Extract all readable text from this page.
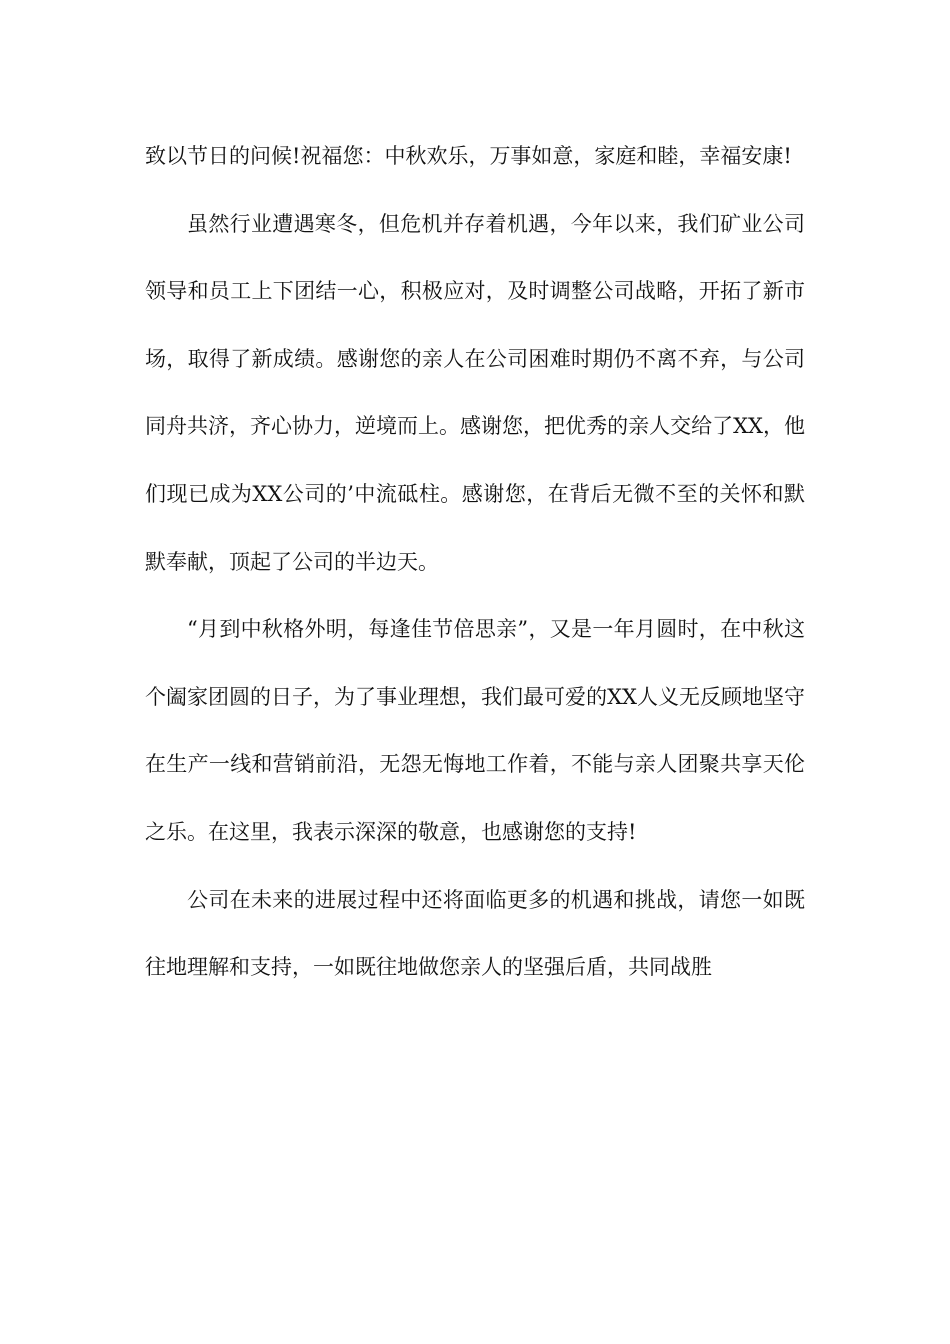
致以节日的问候!祝福您：中秋欢乐，万事如意，家庭和睦，幸福安康!

虽然行业遭遇寒冬，但危机并存着机遇，今年以来，我们矿业公司领导和员工上下团结一心，积极应对，及时调整公司战略，开拓了新市场，取得了新成绩。感谢您的亲人在公司困难时期仍不离不弃，与公司同舟共济，齐心协力，逆境而上。感谢您，把优秀的亲人交给了XX，他们现已成为XX公司的’中流砥柱。感谢您，在背后无微不至的关怀和默默奉献，顶起了公司的半边天。

“月到中秋格外明，每逢佳节倍思亲”，又是一年月圆时，在中秋这个阖家团圆的日子，为了事业理想，我们最可爱的XX人义无反顾地坚守在生产一线和营销前沿，无怨无悔地工作着，不能与亲人团聚共享天伦之乐。在这里，我表示深深的敬意，也感谢您的支持!

公司在未来的进展过程中还将面临更多的机遇和挑战，请您一如既往地理解和支持，一如既往地做您亲人的坚强后盾，共同战胜
